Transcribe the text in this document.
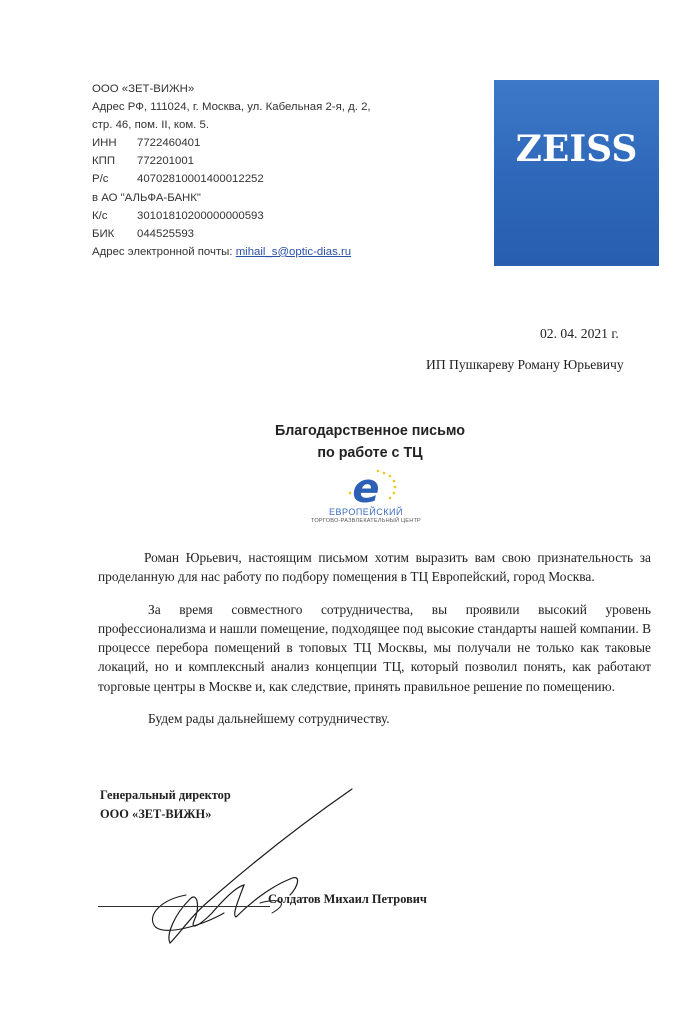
ООО «ЗЕТ-ВИЖН»
Адрес РФ, 111024, г. Москва, ул. Кабельная 2-я, д. 2,
стр. 46, пом. II, ком. 5.
ИНН	7722460401
КПП	772201001
Р/с	40702810001400012252
в АО "АЛЬФА-БАНК"
К/с	30101810200000000593
БИК	044525593
Адрес электронной почты: mihail_s@optic-dias.ru
ZEISS
02. 04. 2021 г.
ИП Пушкареву Роману Юрьевичу
Благодарственное письмо
по работе с ТЦ
e
ЕВРОПЕЙСКИЙ
ТОРГОВО-РАЗВЛЕКАТЕЛЬНЫЙ ЦЕНТР

Роман Юрьевич, настоящим письмом хотим выразить вам свою признательность за проделанную для нас работу по подбору помещения в ТЦ Европейский, город Москва.

За время совместного сотрудничества, вы проявили высокий уровень профессионализма и нашли помещение, подходящее под высокие стандарты нашей компании. В процессе перебора помещений в топовых ТЦ Москвы, мы получали не только как таковые локаций, но и комплексный анализ концепции ТЦ, который позволил понять, как работают торговые центры в Москве и, как следствие, принять правильное решение по помещению.

Будем рады дальнейшему сотрудничеству.

Генеральный директор
ООО «ЗЕТ-ВИЖН»
Солдатов Михаил Петрович
